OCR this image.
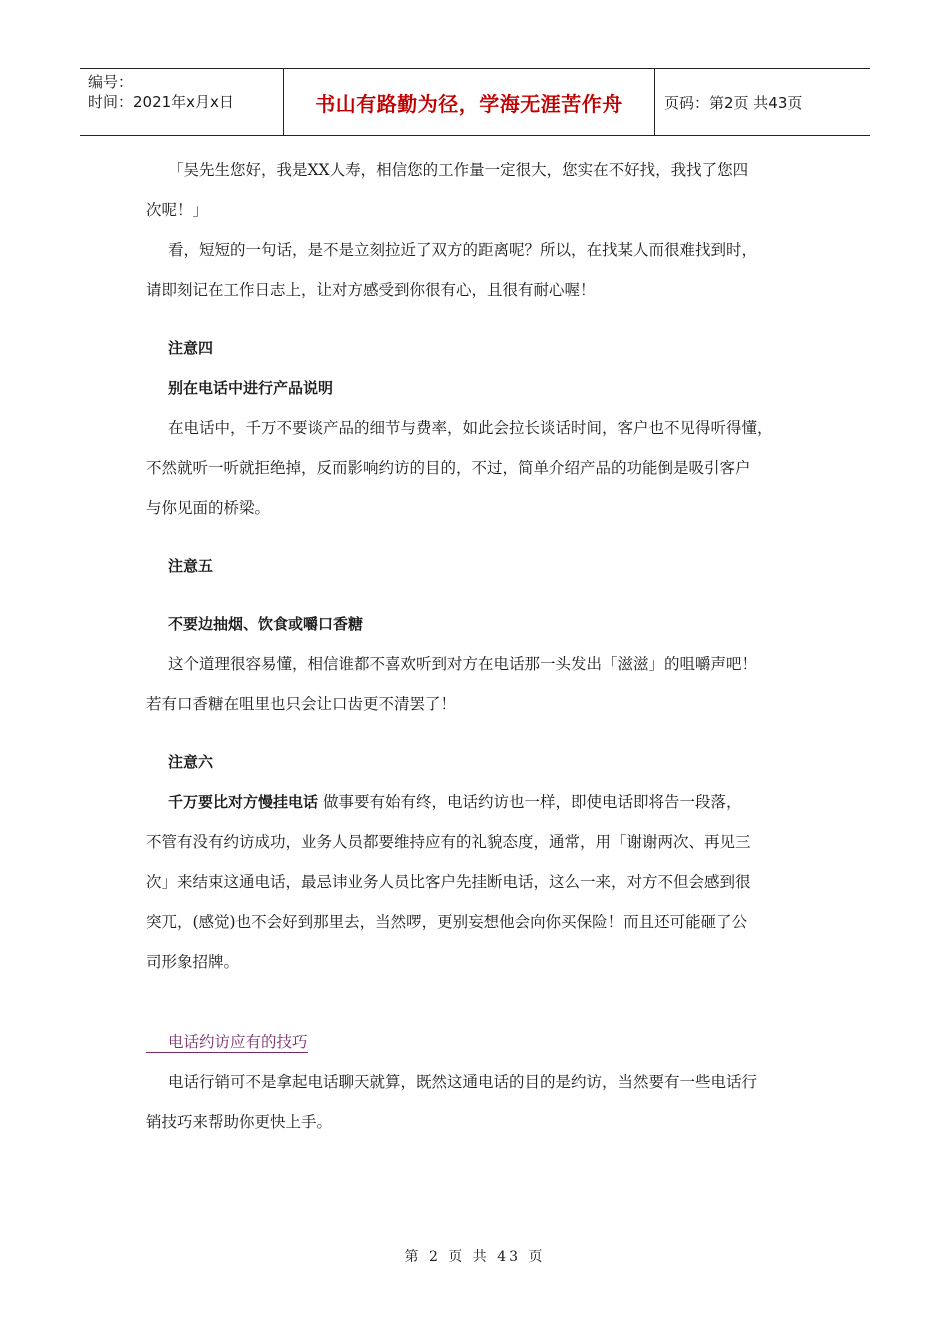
编号：
时间：2021年x月x日	书山有路勤为径，学海无涯苦作舟	页码：第2页 共43页

「吴先生您好，我是XX人寿，相信您的工作量一定很大，您实在不好找，我找了您四

次呢！」

看，短短的一句话，是不是立刻拉近了双方的距离呢？所以，在找某人而很难找到时，

请即刻记在工作日志上，让对方感受到你很有心，且很有耐心喔！

注意四

别在电话中进行产品说明

在电话中，千万不要谈产品的细节与费率，如此会拉长谈话时间，客户也不见得听得懂，

不然就听一听就拒绝掉，反而影响约访的目的，不过，简单介绍产品的功能倒是吸引客户

与你见面的桥梁。

注意五

不要边抽烟、饮食或嚼口香糖

这个道理很容易懂，相信谁都不喜欢听到对方在电话那一头发出「滋滋」的咀嚼声吧！

若有口香糖在咀里也只会让口齿更不清罢了！

注意六

千万要比对方慢挂电话 做事要有始有终，电话约访也一样，即使电话即将告一段落，

不管有没有约访成功，业务人员都要维持应有的礼貌态度，通常，用「谢谢两次、再见三

次」来结束这通电话，最忌讳业务人员比客户先挂断电话，这么一来，对方不但会感到很

突兀，(感觉)也不会好到那里去，当然啰，更别妄想他会向你买保险！而且还可能砸了公

司形象招牌。

电话约访应有的技巧

电话行销可不是拿起电话聊天就算，既然这通电话的目的是约访，当然要有一些电话行

销技巧来帮助你更快上手。

第 2 页 共 43 页
